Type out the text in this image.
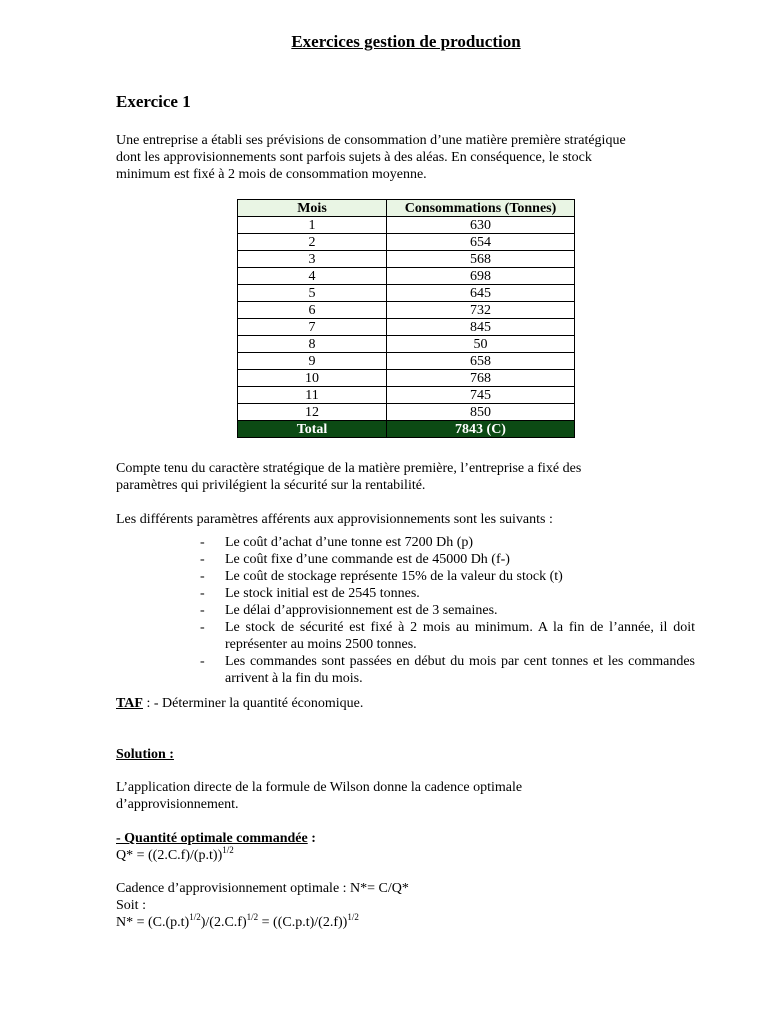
Exercices gestion de production
Exercice 1
Une entreprise a établi ses prévisions de consommation d’une matière première stratégique
dont les approvisionnements sont parfois sujets à des aléas. En conséquence, le stock
minimum est fixé à 2 mois de consommation moyenne.
Mois	Consommations (Tonnes)
1	630
2	654
3	568
4	698
5	645
6	732
7	845
8	50
9	658
10	768
11	745
12	850
Total	7843 (C)
Compte tenu du caractère stratégique de la matière première, l’entreprise a fixé des
paramètres qui privilégient la sécurité sur la rentabilité.
Les différents paramètres afférents aux approvisionnements sont les suivants :
- Le coût d’achat d’une tonne est 7200 Dh (p)
- Le coût fixe d’une commande est de 45000 Dh (f-)
- Le coût de stockage représente 15% de la valeur du stock (t)
- Le stock initial est de 2545 tonnes.
- Le délai d’approvisionnement est de 3 semaines.
- Le stock de sécurité est fixé à 2 mois au minimum. A la fin de l’année, il doit représenter au moins 2500 tonnes.
- Les commandes sont passées en début du mois par cent tonnes et les commandes arrivent à la fin du mois.
TAF : - Déterminer la quantité économique.
Solution :
L’application directe de la formule de Wilson donne la cadence optimale
d’approvisionnement.
- Quantité optimale commandée :
$Q* = ((2.C.f)/(p.t))^{1/2}$
Cadence d’approvisionnement optimale : N*= C/Q*
Soit :
$N* = (C.(p.t)^{1/2})/(2.C.f)^{1/2} = ((C.p.t)/(2.f))^{1/2}$
